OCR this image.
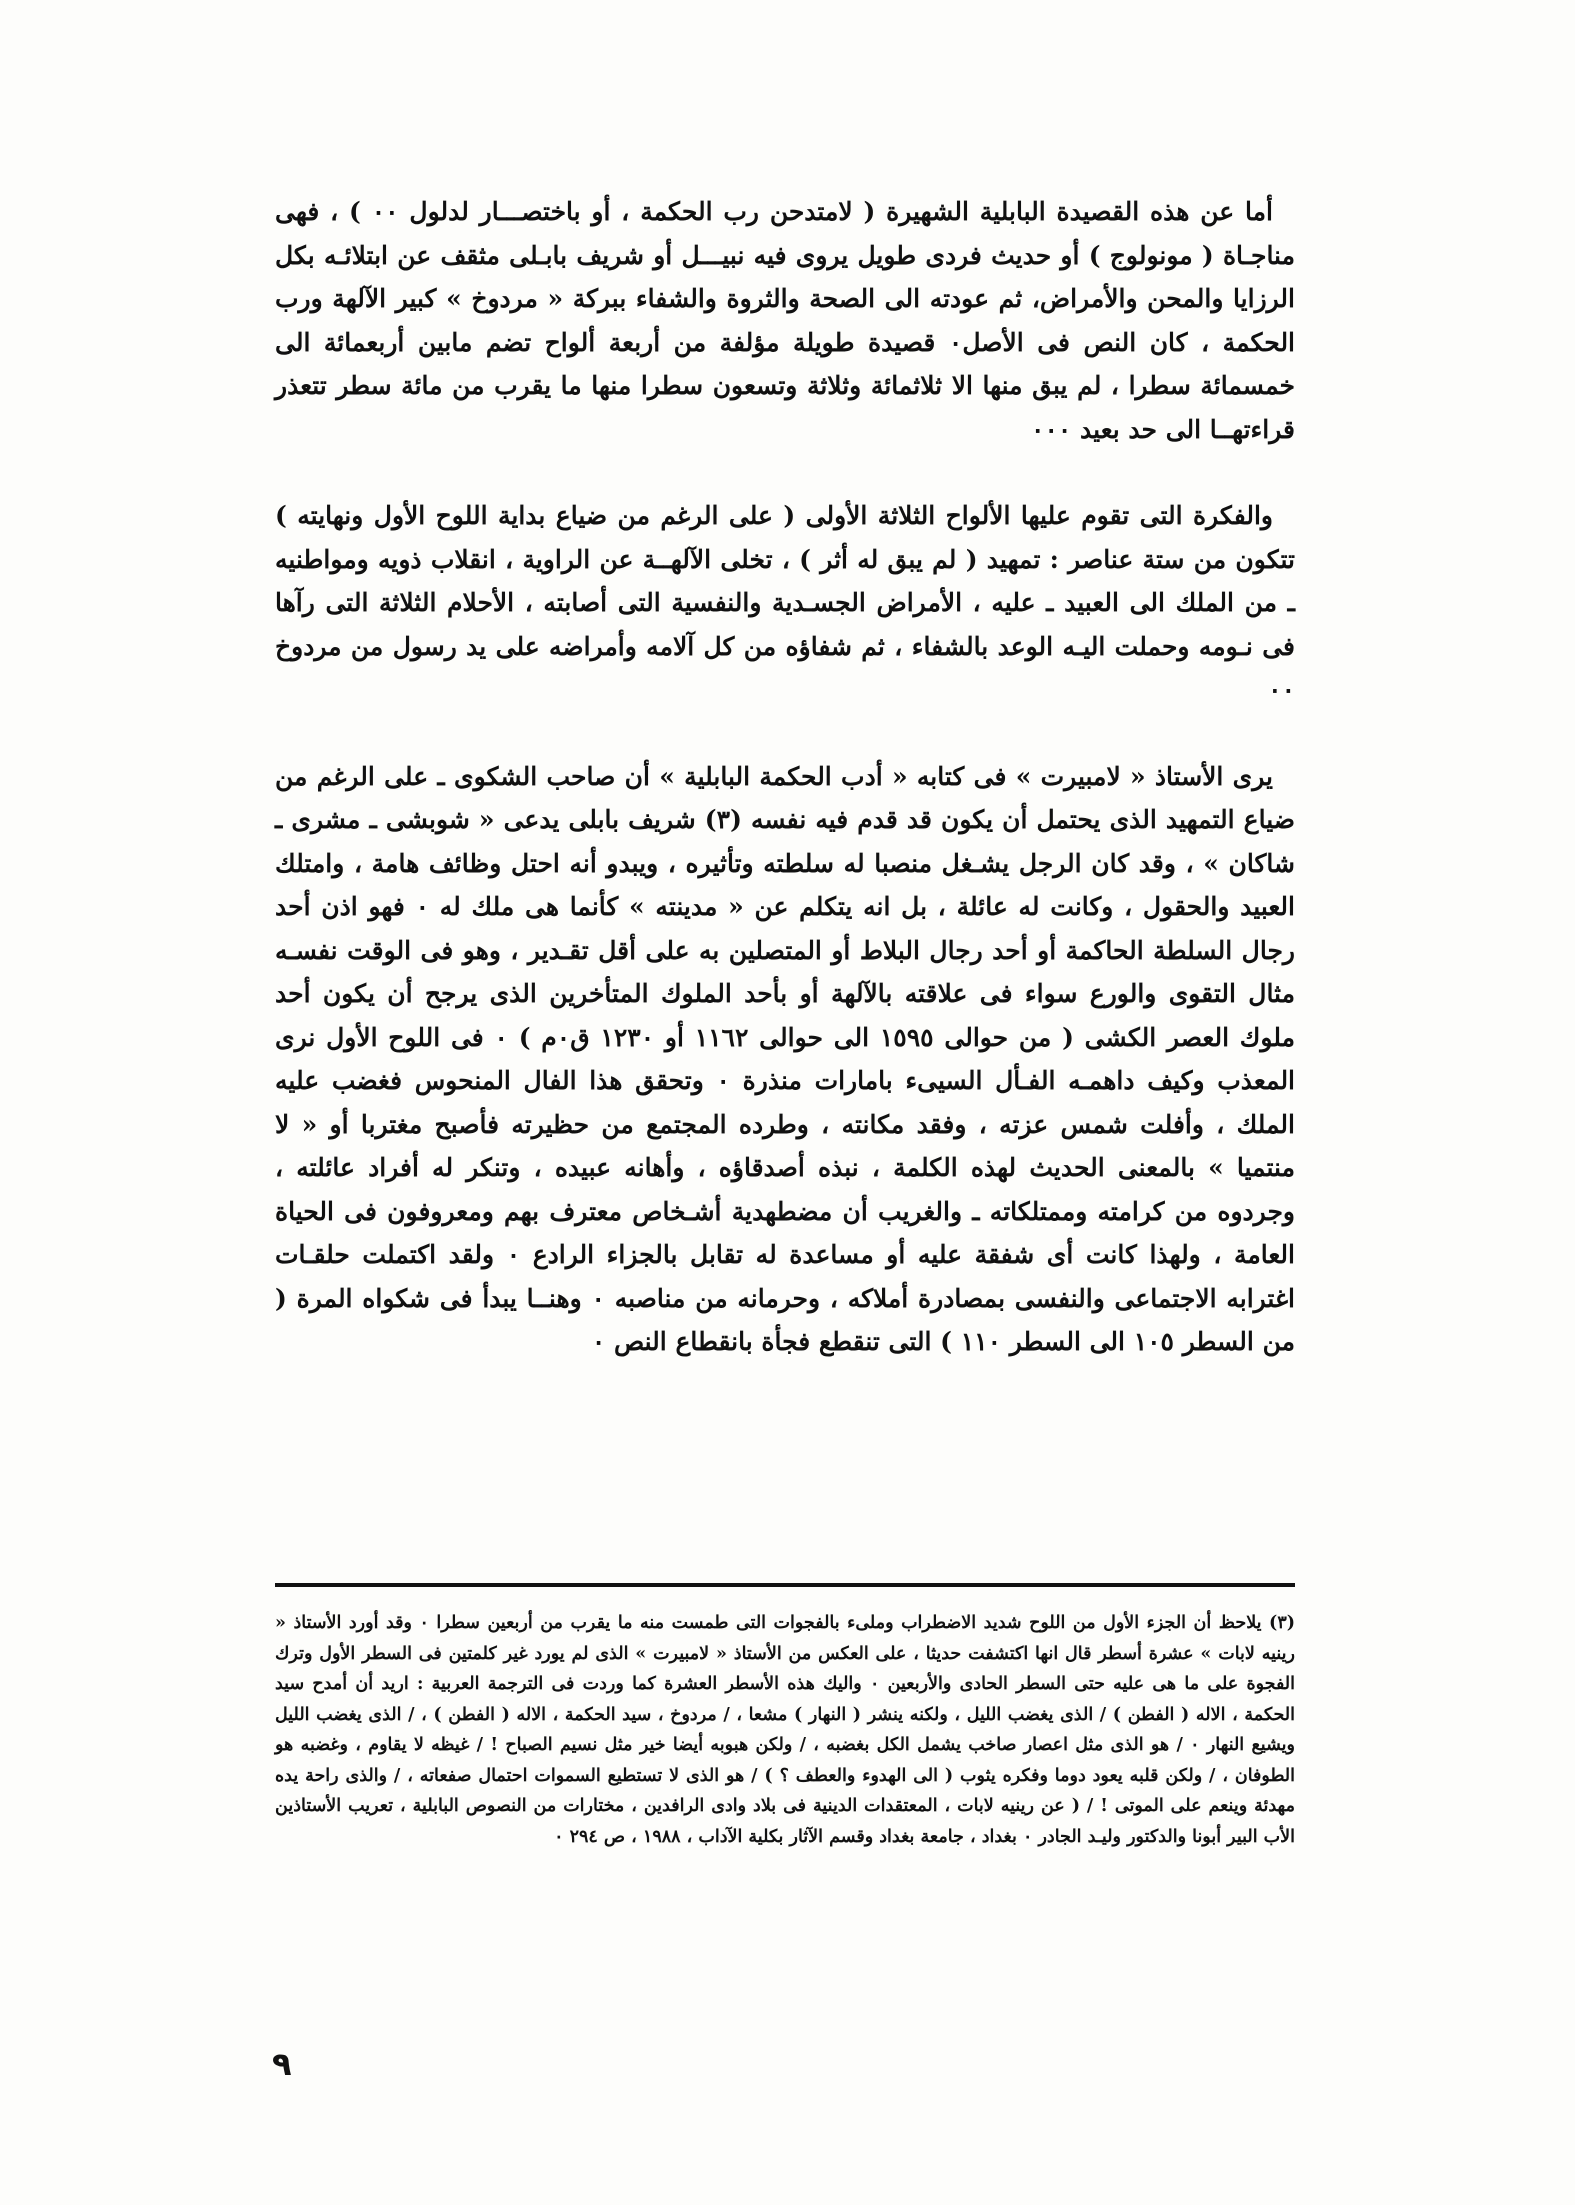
أما عن هذه القصيدة البابلية الشهيرة ( لامتدحن رب الحكمة ، أو باختصـــار لدلول ٠٠ ) ، فهى مناجـاة ( مونولوج ) أو حديث فردى طويل يروى فيه نبيـــل أو شريف بابـلى مثقف عن ابتلائـه بكل الرزايا والمحن والأمراض، ثم عودته الى الصحة والثروة والشفاء ببركة « مردوخ » كبير الآلهة ورب الحكمة ، كان النص فى الأصل٠ قصيدة طويلة مؤلفة من أربعة ألواح تضم مابين أربعمائة الى خمسمائة سطرا ، لم يبق منها الا ثلاثمائة وثلاثة وتسعون سطرا منها ما يقرب من مائة سطر تتعذر قراءتهــا الى حد بعيد ٠٠٠

والفكرة التى تقوم عليها الألواح الثلاثة الأولى ( على الرغم من ضياع بداية اللوح الأول ونهايته ) تتكون من ستة عناصر : تمهيد ( لم يبق له أثر ) ، تخلى الآلهــة عن الراوية ، انقلاب ذويه ومواطنيه ـ من الملك الى العبيد ـ عليه ، الأمراض الجسـدية والنفسية التى أصابته ، الأحلام الثلاثة التى رآها فى نـومه وحملت اليـه الوعد بالشفاء ، ثم شفاؤه من كل آلامه وأمراضه على يد رسول من مردوخ ٠٠

يرى الأستاذ « لامبيرت » فى كتابه « أدب الحكمة البابلية » أن صاحب الشكوى ـ على الرغم من ضياع التمهيد الذى يحتمل أن يكون قد قدم فيه نفسه (٣) شريف بابلى يدعى « شوبشى ـ مشرى ـ شاكان » ، وقد كان الرجل يشـغل منصبا له سلطته وتأثيره ، ويبدو أنه احتل وظائف هامة ، وامتلك العبيد والحقول ، وكانت له عائلة ، بل انه يتكلم عن « مدينته » كأنما هى ملك له ٠ فهو اذن أحد رجال السلطة الحاكمة أو أحد رجال البلاط أو المتصلين به على أقل تقـدير ، وهو فى الوقت نفسـه مثال التقوى والورع سواء فى علاقته بالآلهة أو بأحد الملوك المتأخرين الذى يرجح أن يكون أحد ملوك العصر الكشى ( من حوالى ١٥٩٥ الى حوالى ١١٦٢ أو ١٢٣٠ ق٠م ) ٠ فى اللوح الأول نرى المعذب وكيف داهمـه الفـأل السيىء بامارات منذرة ٠ وتحقق هذا الفال المنحوس فغضب عليه الملك ، وأفلت شمس عزته ، وفقد مكانته ، وطرده المجتمع من حظيرته فأصبح مغتربا أو « لا منتميا » بالمعنى الحديث لهذه الكلمة ، نبذه أصدقاؤه ، وأهانه عبيده ، وتنكر له أفراد عائلته ، وجردوه من كرامته وممتلكاته ـ والغريب أن مضطهدية أشـخاص معترف بهم ومعروفون فى الحياة العامة ، ولهذا كانت أى شفقة عليه أو مساعدة له تقابل بالجزاء الرادع ٠ ولقد اكتملت حلقـات اغترابه الاجتماعى والنفسى بمصادرة أملاكه ، وحرمانه من مناصبه ٠ وهنــا يبدأ فى شكواه المرة ( من السطر ١٠٥ الى السطر ١١٠ ) التى تنقطع فجأة بانقطاع النص ٠

(٣) يلاحظ أن الجزء الأول من اللوح شديد الاضطراب وملىء بالفجوات التى طمست منه ما يقرب من أربعين سطرا ٠ وقد أورد الأستاذ « رينيه لابات » عشرة أسطر قال انها اكتشفت حديثا ، على العكس من الأستاذ « لامبيرت » الذى لم يورد غير كلمتين فى السطر الأول وترك الفجوة على ما هى عليه حتى السطر الحادى والأربعين ٠ واليك هذه الأسطر العشرة كما وردت فى الترجمة العربية : اريد أن أمدح سيد الحكمة ، الاله ( الفطن ) / الذى يغضب الليل ، ولكنه ينشر ( النهار ) مشعا ، / مردوخ ، سيد الحكمة ، الاله ( الفطن ) ، / الذى يغضب الليل ويشيع النهار ٠ / هو الذى مثل اعصار صاخب يشمل الكل بغضبه ، / ولكن هبوبه أيضا خير مثل نسيم الصباح ! / غيظه لا يقاوم ، وغضبه هو الطوفان ، / ولكن قلبه يعود دوما وفكره يثوب ( الى الهدوء والعطف ؟ ) / هو الذى لا تستطيع السموات احتمال صفعاته ، / والذى راحة يده مهدئة وينعم على الموتى ! / ( عن رينيه لابات ، المعتقدات الدينية فى بلاد وادى الرافدين ، مختارات من النصوص البابلية ، تعريب الأستاذين الأب البير أبونا والدكتور وليـد الجادر ٠ بغداد ، جامعة بغداد وقسم الآثار بكلية الآداب ، ١٩٨٨ ، ص ٢٩٤ ٠

٩
